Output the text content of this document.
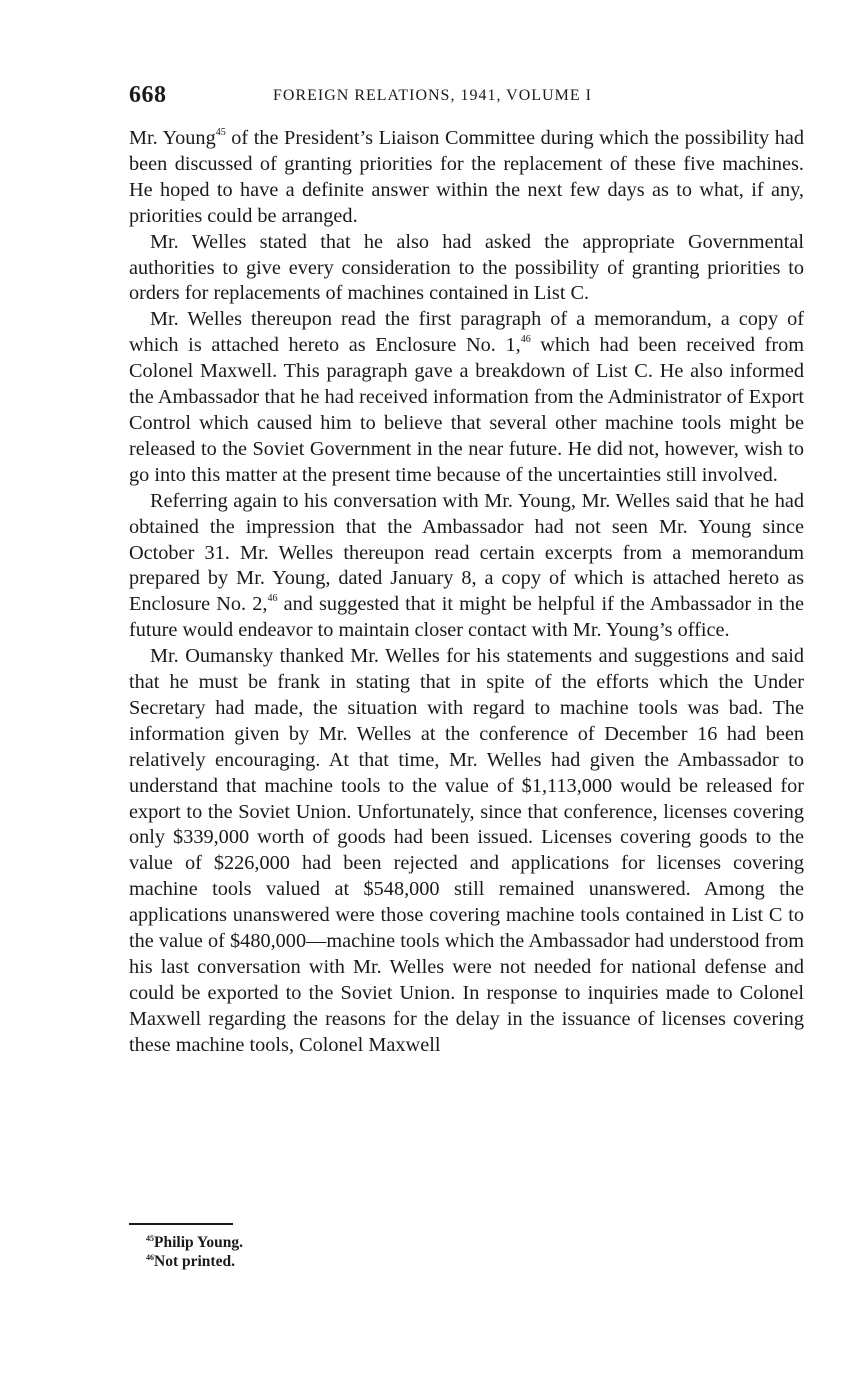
668	FOREIGN RELATIONS, 1941, VOLUME I

Mr. Young$^{45}$ of the President’s Liaison Committee during which the possibility had been discussed of granting priorities for the replacement of these five machines. He hoped to have a definite answer within the next few days as to what, if any, priorities could be arranged.

Mr. Welles stated that he also had asked the appropriate Governmental authorities to give every consideration to the possibility of granting priorities to orders for replacements of machines contained in List C.

Mr. Welles thereupon read the first paragraph of a memorandum, a copy of which is attached hereto as Enclosure No. 1,46 which had been received from Colonel Maxwell. This paragraph gave a breakdown of List C. He also informed the Ambassador that he had received information from the Administrator of Export Control which caused him to believe that several other machine tools might be released to the Soviet Government in the near future. He did not, however, wish to go into this matter at the present time because of the uncertainties still involved.

Referring again to his conversation with Mr. Young, Mr. Welles said that he had obtained the impression that the Ambassador had not seen Mr. Young since October 31. Mr. Welles thereupon read certain excerpts from a memorandum prepared by Mr. Young, dated January 8, a copy of which is attached hereto as Enclosure No. 2,46 and suggested that it might be helpful if the Ambassador in the future would endeavor to maintain closer contact with Mr. Young’s office.

Mr. Oumansky thanked Mr. Welles for his statements and suggestions and said that he must be frank in stating that in spite of the efforts which the Under Secretary had made, the situation with regard to machine tools was bad. The information given by Mr. Welles at the conference of December 16 had been relatively encouraging. At that time, Mr. Welles had given the Ambassador to understand that machine tools to the value of $1,113,000 would be released for export to the Soviet Union. Unfortunately, since that conference, licenses covering only $339,000 worth of goods had been issued. Licenses covering goods to the value of $226,000 had been rejected and applications for licenses covering machine tools valued at $548,000 still remained unanswered. Among the applications unanswered were those covering machine tools contained in List C to the value of $480,000—machine tools which the Ambassador had understood from his last conversation with Mr. Welles were not needed for national defense and could be exported to the Soviet Union. In response to inquiries made to Colonel Maxwell regarding the reasons for the delay in the issuance of licenses covering these machine tools, Colonel Maxwell

$^{45}$Philip Young.
$^{46}$Not printed.
